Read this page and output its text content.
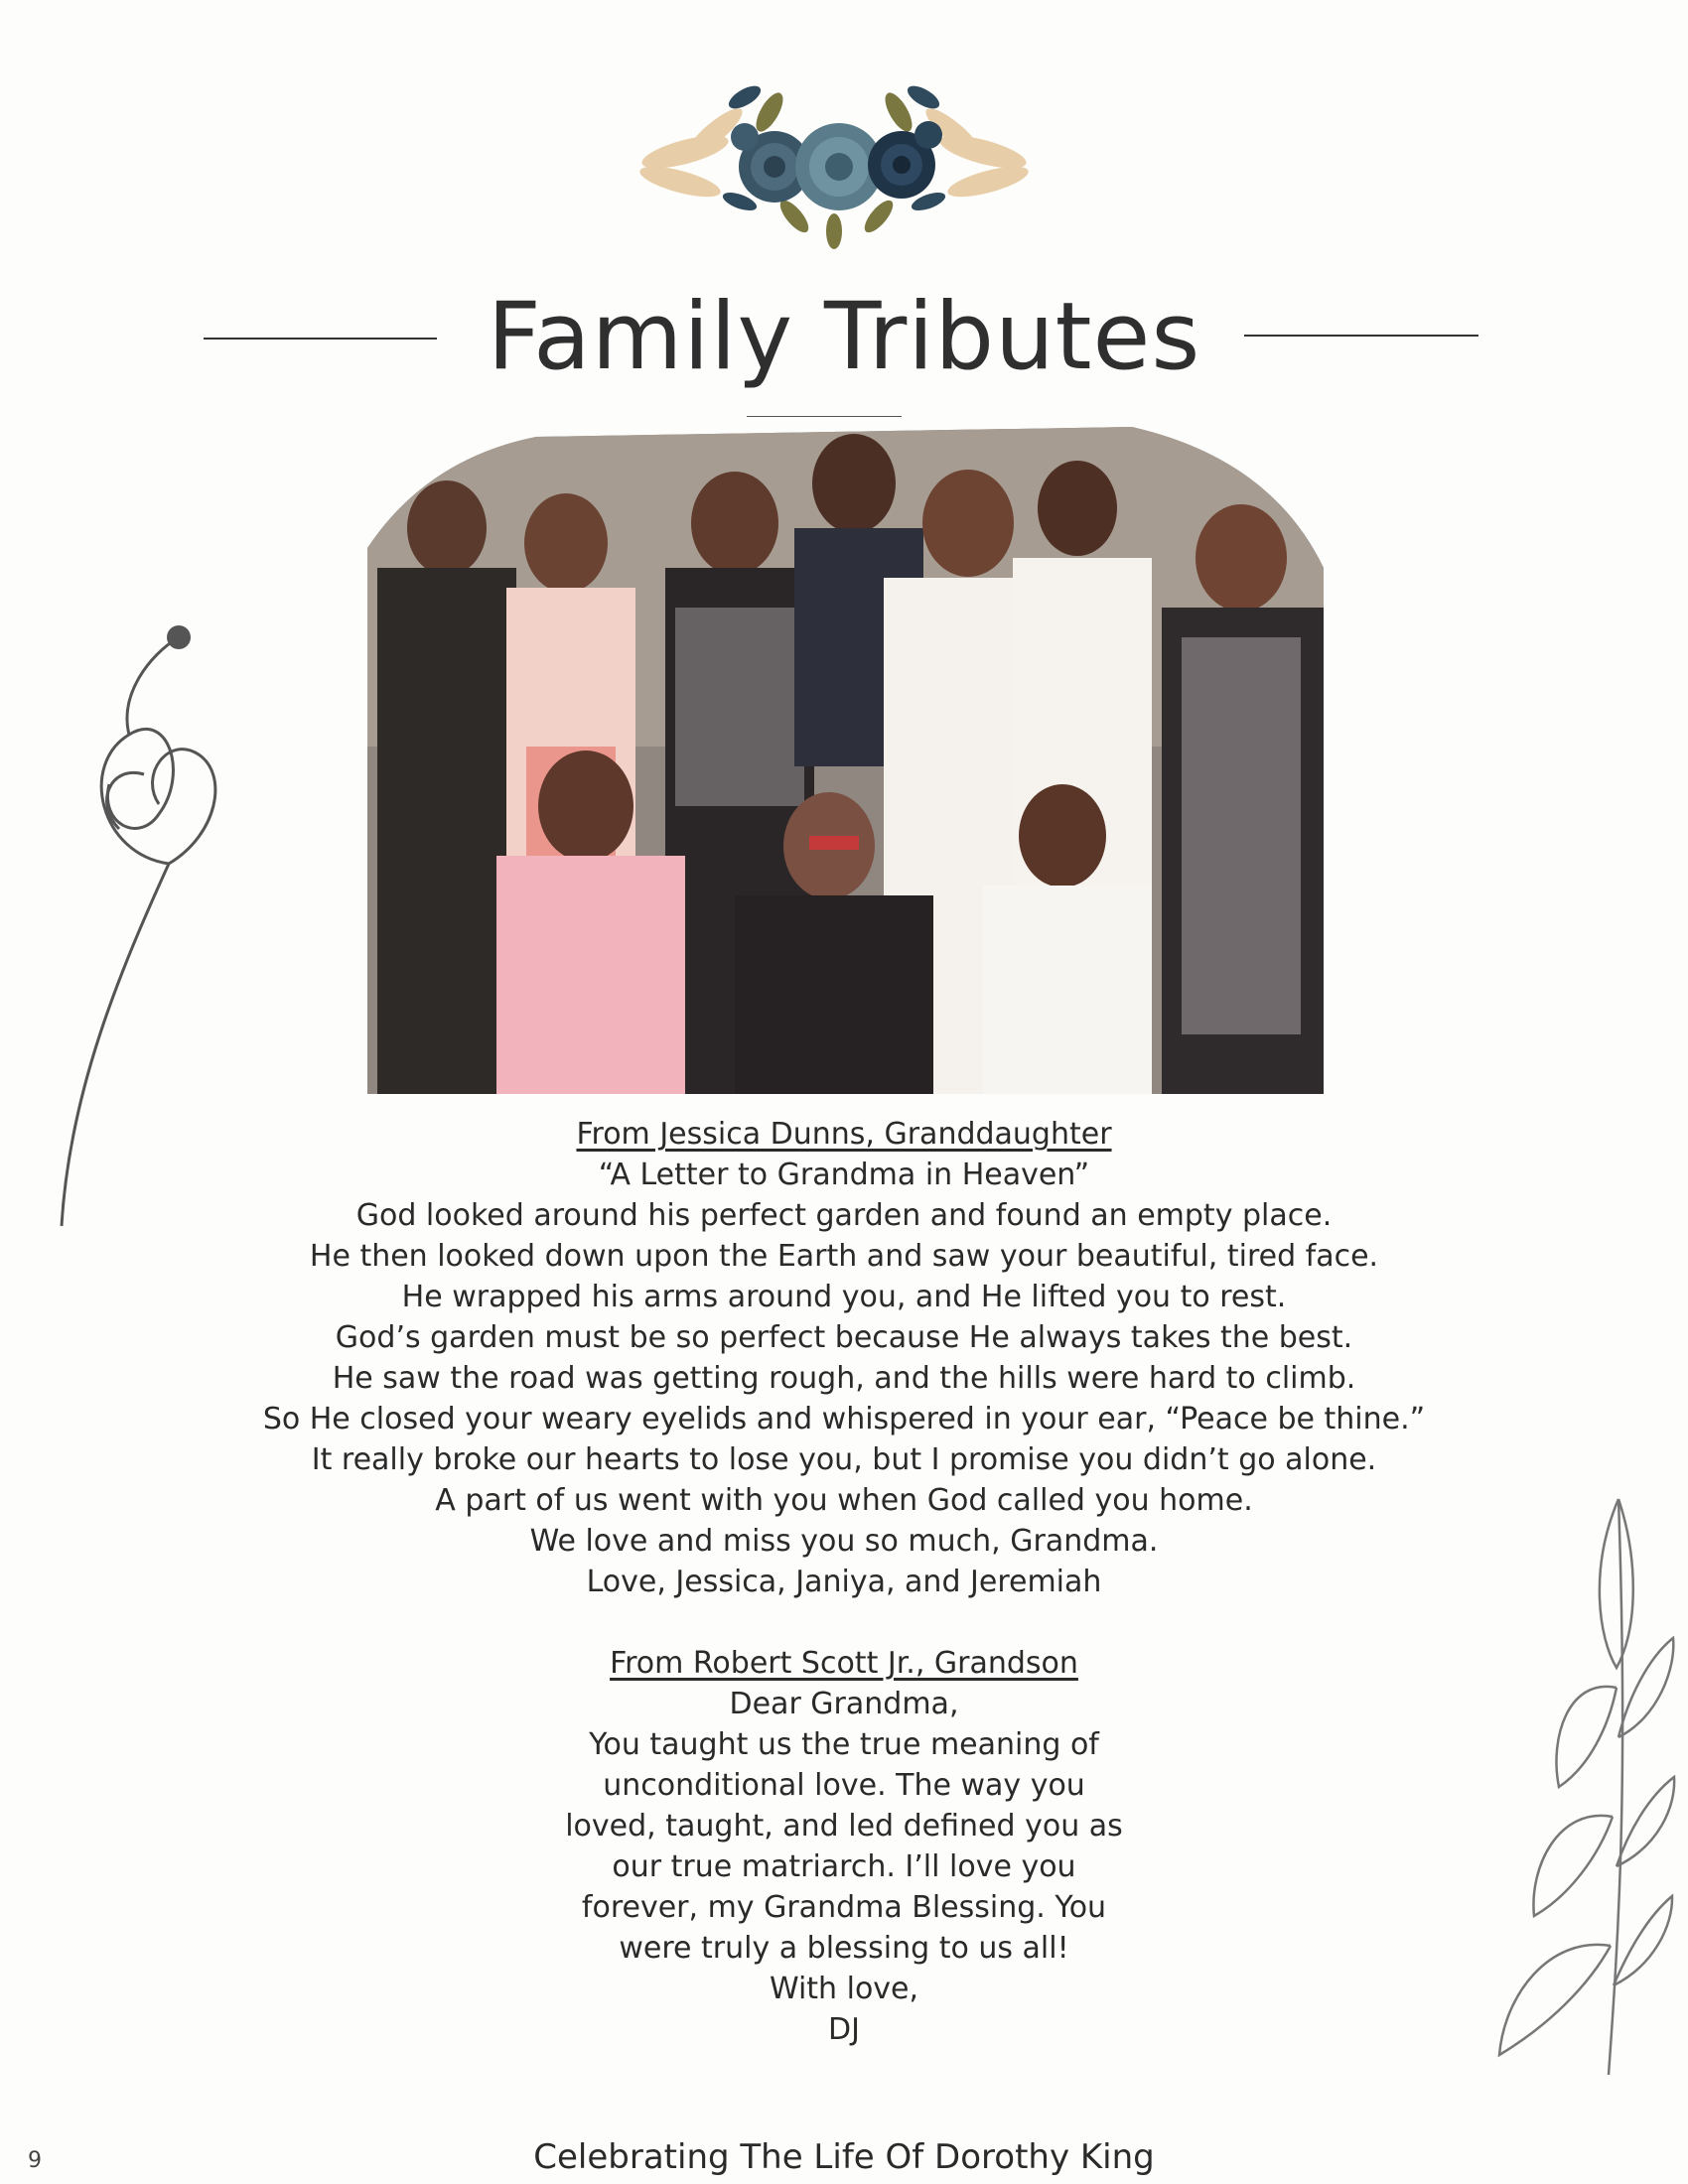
Family Tributes
From Jessica Dunns, Granddaughter
“A Letter to Grandma in Heaven”
God looked around his perfect garden and found an empty place.
He then looked down upon the Earth and saw your beautiful, tired face.
He wrapped his arms around you, and He lifted you to rest.
God’s garden must be so perfect because He always takes the best.
He saw the road was getting rough, and the hills were hard to climb.
So He closed your weary eyelids and whispered in your ear, “Peace be thine.”
It really broke our hearts to lose you, but I promise you didn’t go alone.
A part of us went with you when God called you home.
We love and miss you so much, Grandma.
Love, Jessica, Janiya, and Jeremiah
From Robert Scott Jr., Grandson
Dear Grandma,
You taught us the true meaning of
unconditional love. The way you
loved, taught, and led defined you as
our true matriarch. I’ll love you
forever, my Grandma Blessing. You
were truly a blessing to us all!
With love,
DJ
Celebrating The Life Of Dorothy King
9
